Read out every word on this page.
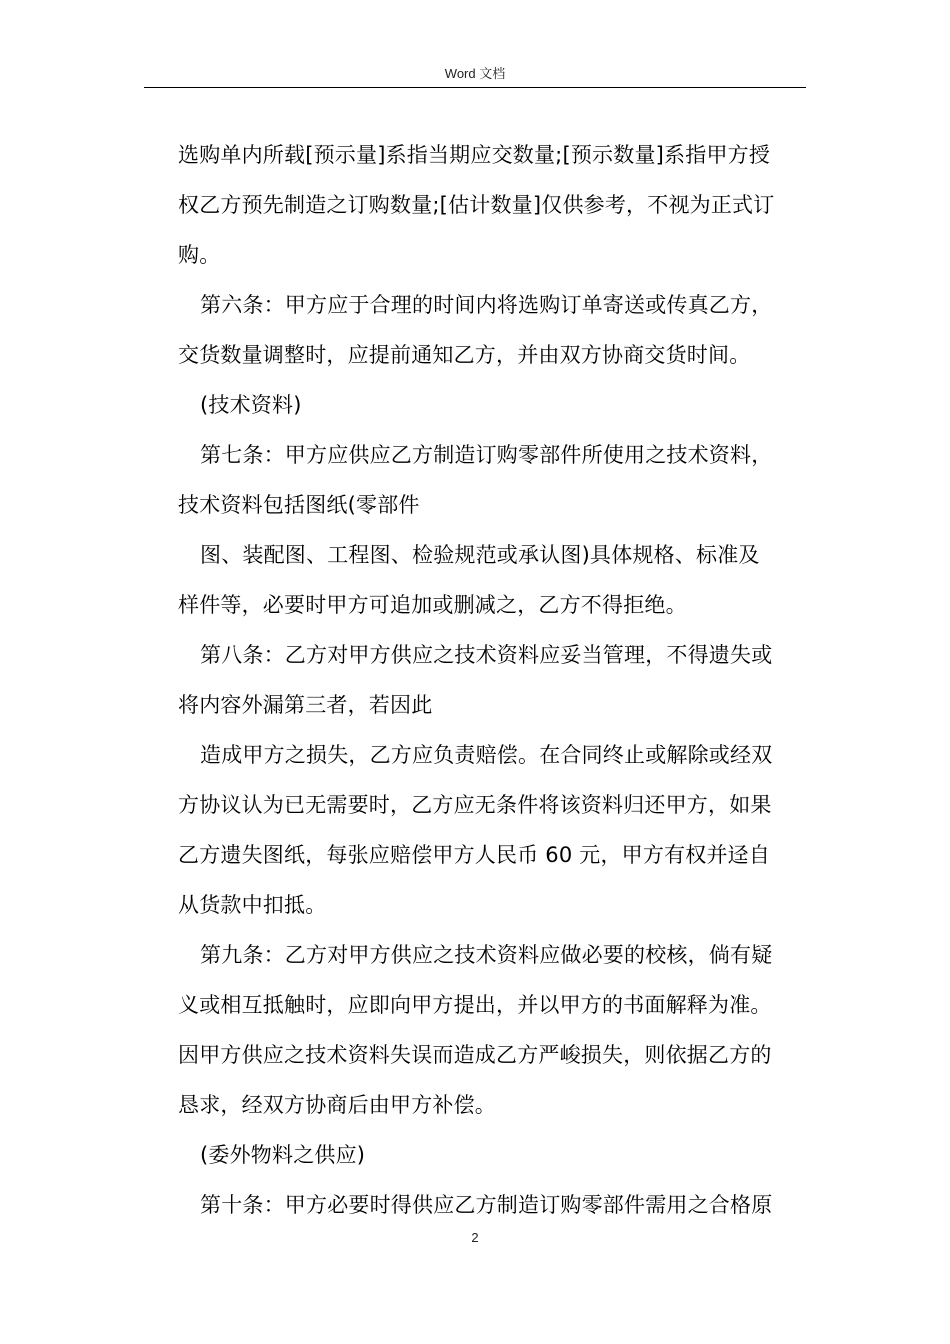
Word 文档
选购单内所载[预示量]系指当期应交数量;[预示数量]系指甲方授
权乙方预先制造之订购数量;[估计数量]仅供参考，不视为正式订
购。
第六条：甲方应于合理的时间内将选购订单寄送或传真乙方，
交货数量调整时，应提前通知乙方，并由双方协商交货时间。
(技术资料)
第七条：甲方应供应乙方制造订购零部件所使用之技术资料，
技术资料包括图纸(零部件
图、装配图、工程图、检验规范或承认图)具体规格、标准及
样件等，必要时甲方可追加或删减之，乙方不得拒绝。
第八条：乙方对甲方供应之技术资料应妥当管理，不得遗失或
将内容外漏第三者，若因此
造成甲方之损失，乙方应负责赔偿。在合同终止或解除或经双
方协议认为已无需要时，乙方应无条件将该资料归还甲方，如果
乙方遗失图纸，每张应赔偿甲方人民币 60 元，甲方有权并迳自
从货款中扣抵。
第九条：乙方对甲方供应之技术资料应做必要的校核，倘有疑
义或相互抵触时，应即向甲方提出，并以甲方的书面解释为准。
因甲方供应之技术资料失误而造成乙方严峻损失，则依据乙方的
恳求，经双方协商后由甲方补偿。
(委外物料之供应)
第十条：甲方必要时得供应乙方制造订购零部件需用之合格原
2
